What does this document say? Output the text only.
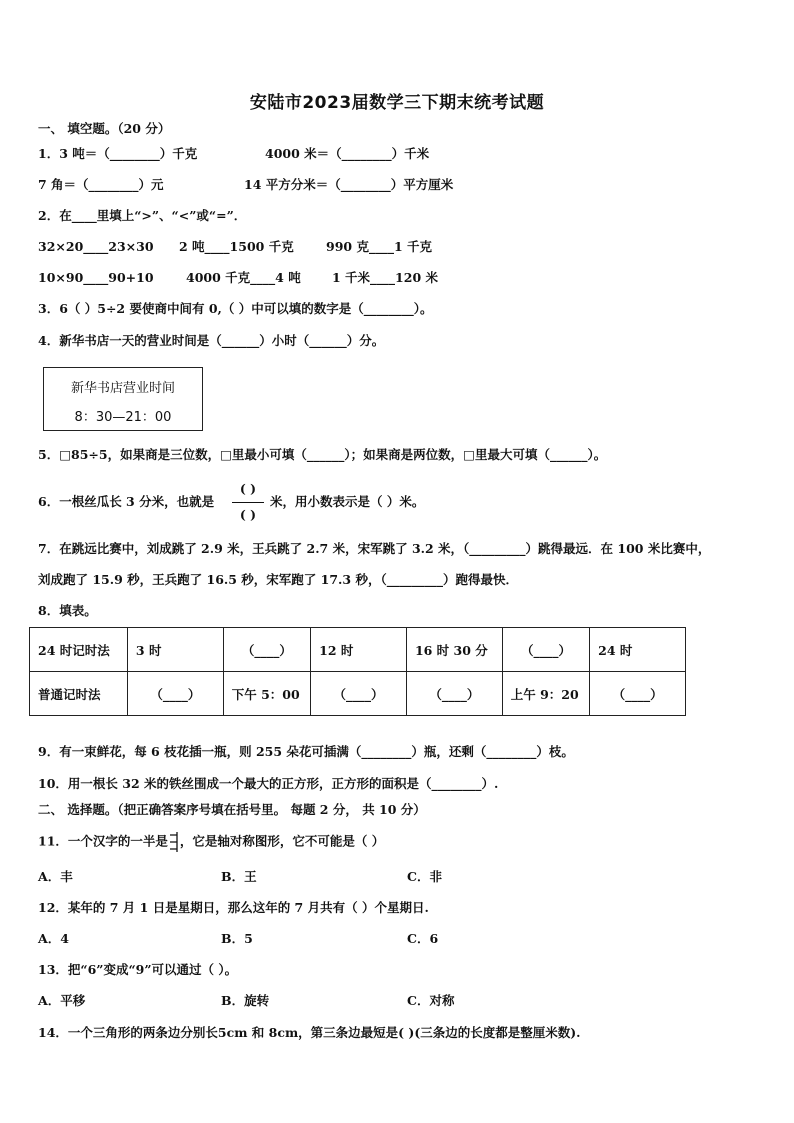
安陆市2023届数学三下期末统考试题
一、 填空题。（20 分）
1．3 吨＝（________）千克	4000 米＝（________）千米
7 角＝（________）元	14 平方分米＝（________）平方厘米
2．在____里填上“>”、“<”或“=”．
32×20____23×30 2 吨____1500 千克	990 克____1 千克
10×90____90+10	4000 千克____4 吨	1 千米____120 米
3．6（ ）5÷2 要使商中间有 0,（ ）中可以填的数字是（________）。
4．新华书店一天的营业时间是（______）小时（______）分。
新华书店营业时间
8：30—21：00
5．□85÷5，如果商是三位数，□里最小可填（______）；如果商是两位数，□里最大可填（______）。
6．一根丝瓜长 3 分米，也就是
( )
( )
米，用小数表示是（ ）米。
7．在跳远比赛中，刘成跳了 2.9 米，王兵跳了 2.7 米，宋军跳了 3.2 米，（_________）跳得最远．在 100 米比赛中，
刘成跑了 15.9 秒，王兵跑了 16.5 秒，宋军跑了 17.3 秒，（_________）跑得最快．
8．填表。
24 时记时法	3 时	（____）	12 时	16 时 30 分	（____）	24 时
普通记时法	（____）	下午 5：00	（____）	（____）	上午 9：20	（____）
9．有一束鲜花，每 6 枝花插一瓶，则 255 朵花可插满（________）瓶，还剩（________）枝。
10．用一根长 32 米的铁丝围成一个最大的正方形，正方形的面积是（________）.
二、 选择题。（把正确答案序号填在括号里。 每题 2 分， 共 10 分）
11．一个汉字的一半是 ，它是轴对称图形，它不可能是（ ）
A．丰	B．王	C．非
12．某年的 7 月 1 日是星期日，那么这年的 7 月共有（ ）个星期日.
A．4	B．5	C．6
13．把“6”变成“9”可以通过（ ）。
A．平移	B．旋转	C．对称
14．一个三角形的两条边分别长5cm 和 8cm，第三条边最短是( )(三条边的长度都是整厘米数).
